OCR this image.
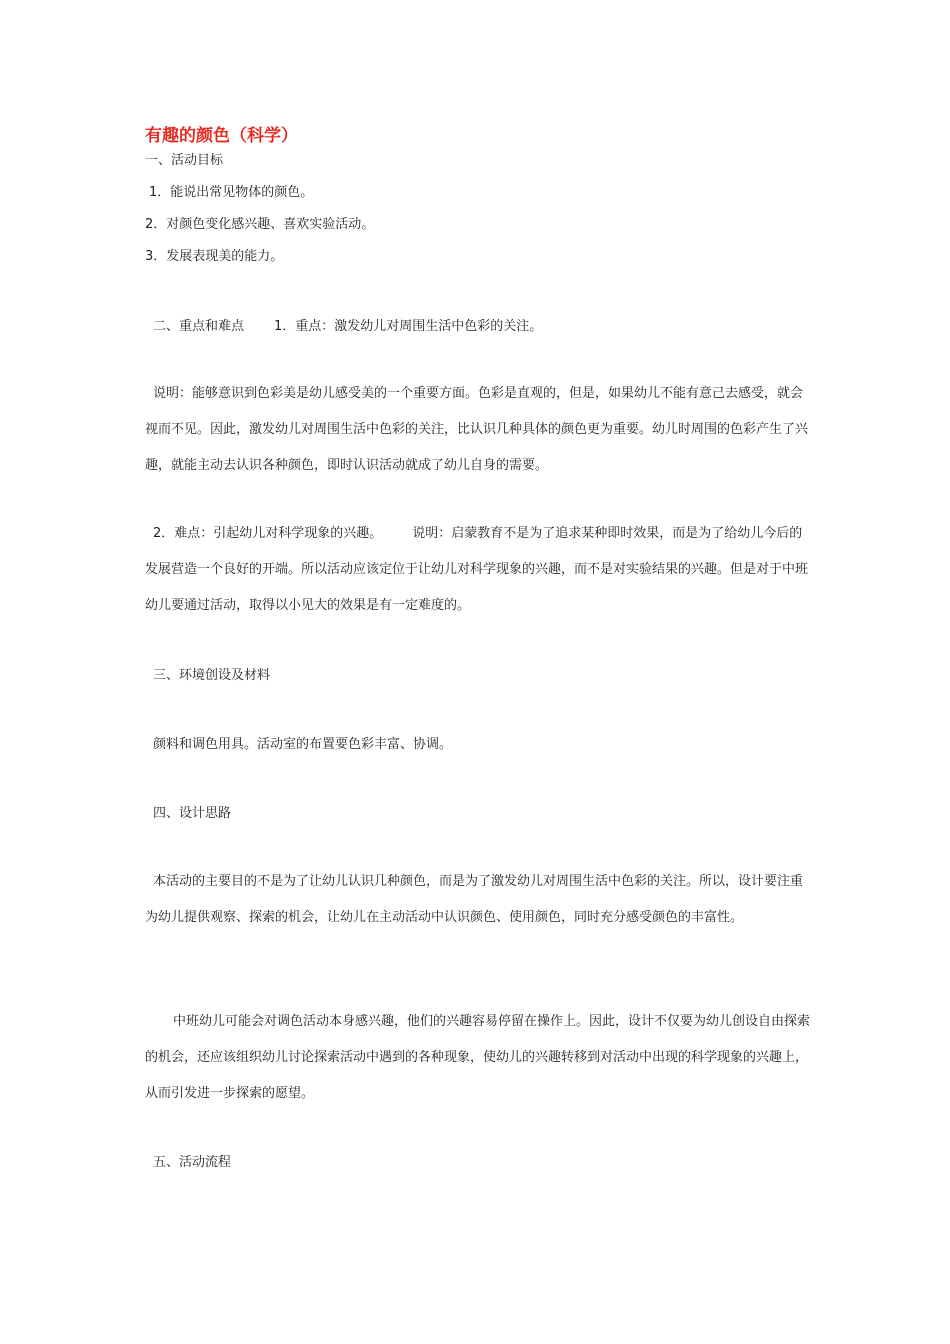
有趣的颜色（科学）
一、活动目标
1．能说出常见物体的颜色。
2．对颜色变化感兴趣、喜欢实验活动。
3．发展表现美的能力。
二、重点和难点 1．重点：激发幼儿对周围生活中色彩的关注。
说明：能够意识到色彩美是幼儿感受美的一个重要方面。色彩是直观的，但是，如果幼儿不能有意己去感受，就会视而不见。因此，激发幼儿对周围生活中色彩的关注，比认识几种具体的颜色更为重要。幼儿时周围的色彩产生了兴趣，就能主动去认识各种颜色，即时认识活动就成了幼儿自身的需要。
2．难点：引起幼儿对科学现象的兴趣。 说明：启蒙教育不是为了追求某种即时效果，而是为了给幼儿今后的发展营造一个良好的开端。所以活动应该定位于让幼儿对科学现象的兴趣，而不是对实验结果的兴趣。但是对于中班幼儿要通过活动，取得以小见大的效果是有一定难度的。
三、环境创设及材料
颜料和调色用具。活动室的布置要色彩丰富、协调。
四、设计思路
本活动的主要目的不是为了让幼儿认识几种颜色，而是为了激发幼儿对周围生活中色彩的关注。所以，设计要注重为幼儿提供观察、探索的机会，让幼儿在主动活动中认识颜色、使用颜色，同时充分感受颜色的丰富性。
中班幼儿可能会对调色活动本身感兴趣，他们的兴趣容易停留在操作上。因此，设计不仅要为幼儿创设自由探索的机会，还应该组织幼儿讨论探索活动中遇到的各种现象，使幼儿的兴趣转移到对活动中出现的科学现象的兴趣上，从而引发进一步探索的愿望。
五、活动流程
